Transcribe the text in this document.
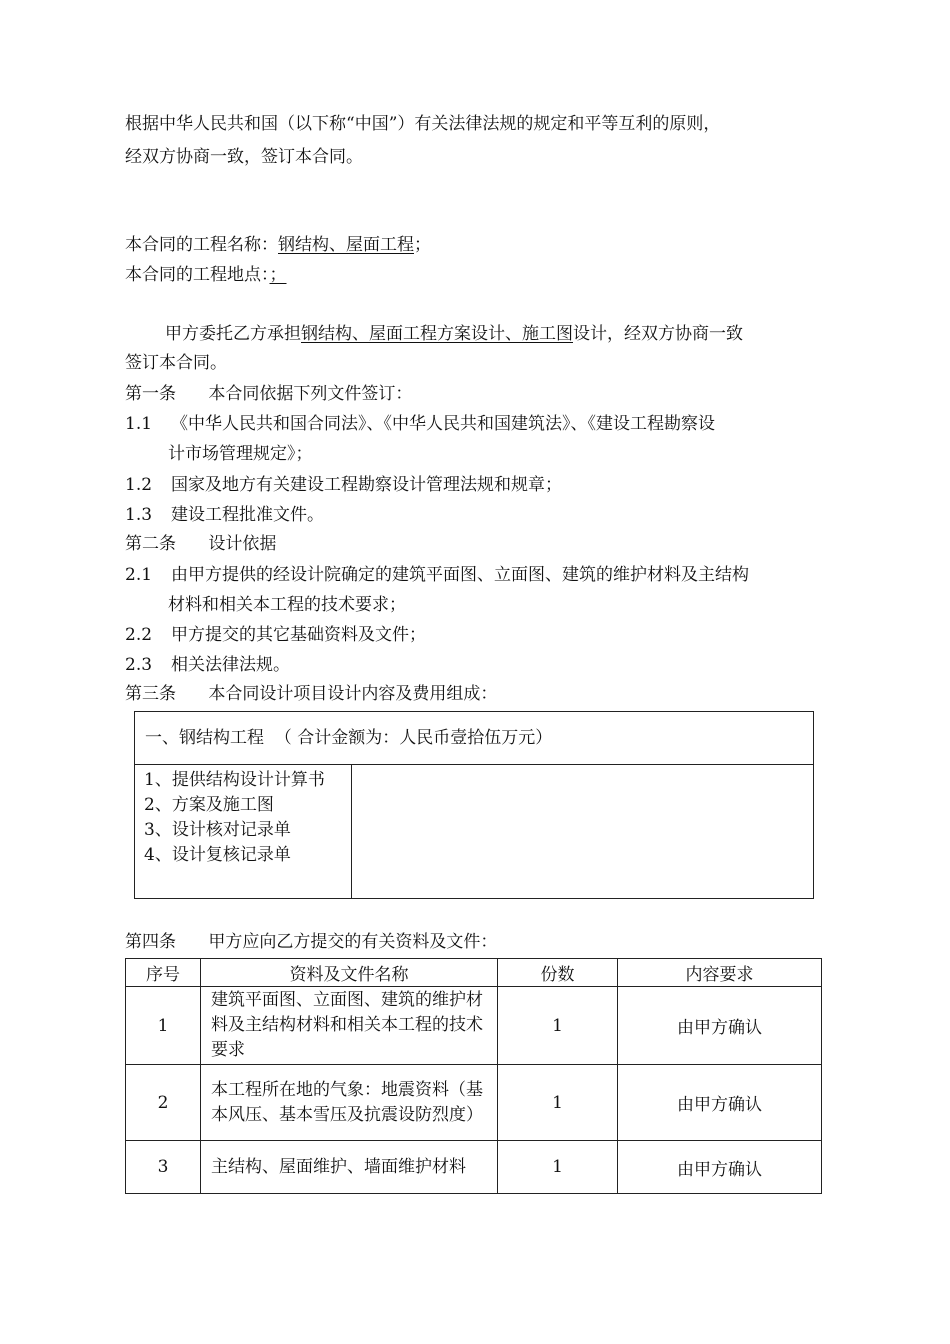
根据中华人民共和国（以下称“中国”）有关法律法规的规定和平等互利的原则，
经双方协商一致，签订本合同。
本合同的工程名称：钢结构、屋面工程；
本合同的工程地点：；
甲方委托乙方承担钢结构、屋面工程方案设计、施工图设计，经双方协商一致
签订本合同。
第一条      本合同依据下列文件签订：
1.1 《中华人民共和国合同法》、《中华人民共和国建筑法》、《建设工程勘察设
计市场管理规定》；
1.2 国家及地方有关建设工程勘察设计管理法规和规章；
1.3 建设工程批准文件。
第二条      设计依据
2.1 由甲方提供的经设计院确定的建筑平面图、立面图、建筑的维护材料及主结构
材料和相关本工程的技术要求；
2.2 甲方提交的其它基础资料及文件；
2.3 相关法律法规。
第三条      本合同设计项目设计内容及费用组成：
一、钢结构工程  （ 合计金额为：人民币壹拾伍万元）

1、提供结构设计计算书
2、方案及施工图
3、设计核对记录单
4、设计复核记录单

第四条      甲方应向乙方提交的有关资料及文件：
序号	资料及文件名称	份数	内容要求
1	建筑平面图、立面图、建筑的维护材料及主结构材料和相关本工程的技术要求	1	由甲方确认
2	本工程所在地的气象：地震资料（基本风压、基本雪压及抗震设防烈度）	1	由甲方确认
3	主结构、屋面维护、墙面维护材料	1	由甲方确认
